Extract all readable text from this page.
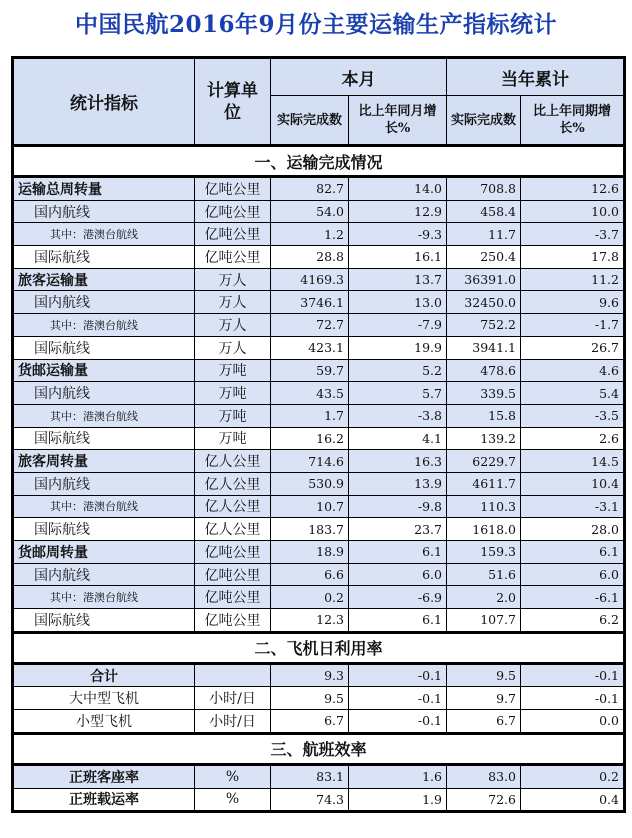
中国民航2016年9月份主要运输生产指标统计
统计指标	计算单位	本月		当年累计	
		实际完成数	比上年同月增长%	实际完成数	比上年同期增长%
一、运输完成情况					
运输总周转量	亿吨公里	82.7	14.0	708.8	12.6
国内航线	亿吨公里	54.0	12.9	458.4	10.0
其中：港澳台航线	亿吨公里	1.2	-9.3	11.7	-3.7
国际航线	亿吨公里	28.8	16.1	250.4	17.8
旅客运输量	万人	4169.3	13.7	36391.0	11.2
国内航线	万人	3746.1	13.0	32450.0	9.6
其中：港澳台航线	万人	72.7	-7.9	752.2	-1.7
国际航线	万人	423.1	19.9	3941.1	26.7
货邮运输量	万吨	59.7	5.2	478.6	4.6
国内航线	万吨	43.5	5.7	339.5	5.4
其中：港澳台航线	万吨	1.7	-3.8	15.8	-3.5
国际航线	万吨	16.2	4.1	139.2	2.6
旅客周转量	亿人公里	714.6	16.3	6229.7	14.5
国内航线	亿人公里	530.9	13.9	4611.7	10.4
其中：港澳台航线	亿人公里	10.7	-9.8	110.3	-3.1
国际航线	亿人公里	183.7	23.7	1618.0	28.0
货邮周转量	亿吨公里	18.9	6.1	159.3	6.1
国内航线	亿吨公里	6.6	6.0	51.6	6.0
其中：港澳台航线	亿吨公里	0.2	-6.9	2.0	-6.1
国际航线	亿吨公里	12.3	6.1	107.7	6.2
二、飞机日利用率					
合计		9.3	-0.1	9.5	-0.1
大中型飞机	小时/日	9.5	-0.1	9.7	-0.1
小型飞机	小时/日	6.7	-0.1	6.7	0.0
三、航班效率					
正班客座率	%	83.1	1.6	83.0	0.2
正班载运率	%	74.3	1.9	72.6	0.4
